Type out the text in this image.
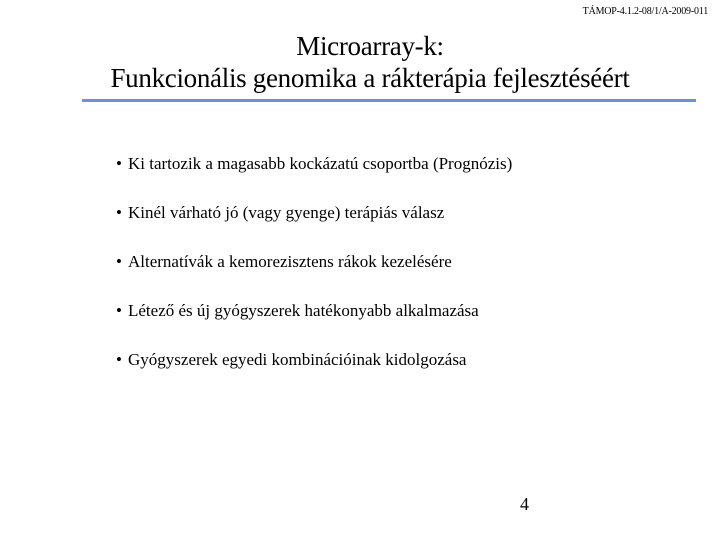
TÁMOP-4.1.2-08/1/A-2009-011
Microarray-k:
Funkcionális genomika a rákterápia fejlesztéséért
• Ki tartozik a magasabb kockázatú csoportba (Prognózis)
• Kinél várható jó (vagy gyenge) terápiás válasz
• Alternatívák a kemorezisztens rákok kezelésére
• Létező és új gyógyszerek hatékonyabb alkalmazása
• Gyógyszerek egyedi kombinációinak kidolgozása
4
